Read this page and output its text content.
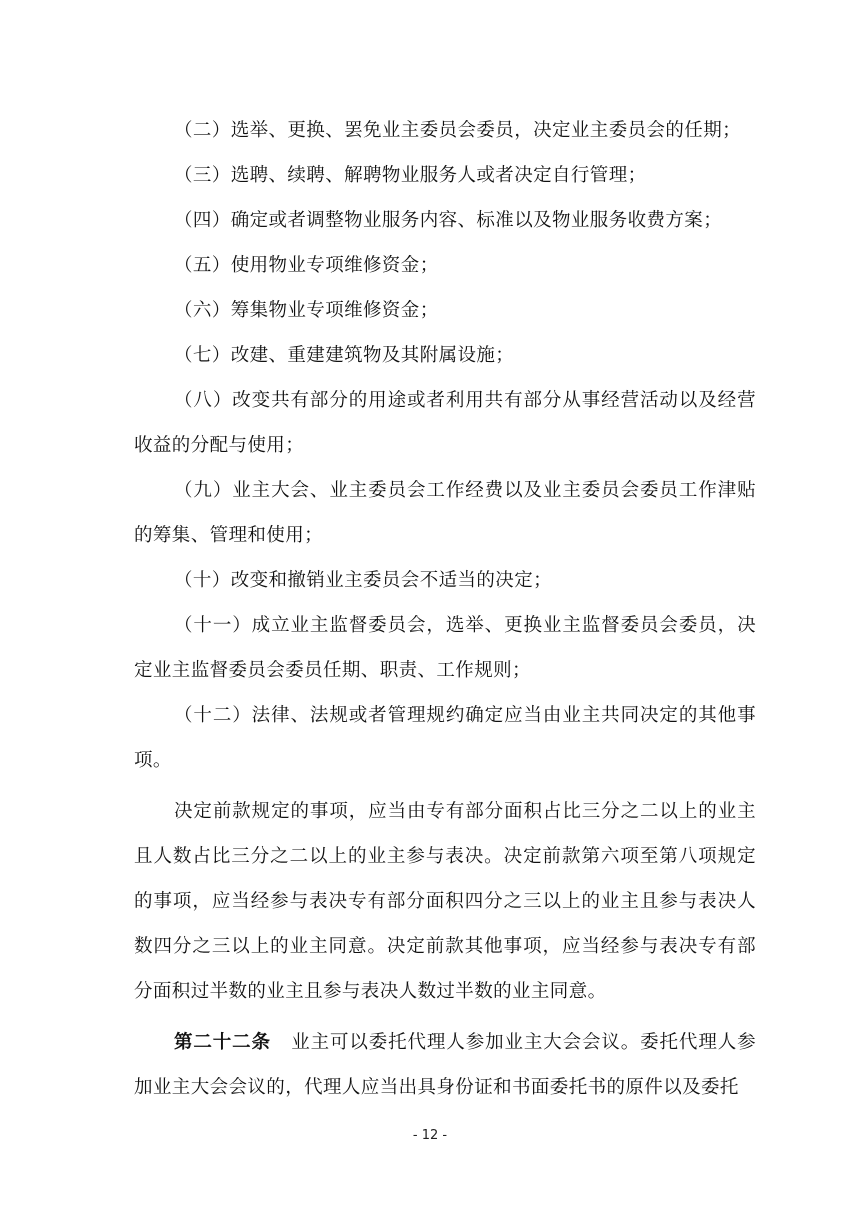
（二）选举、更换、罢免业主委员会委员，决定业主委员会的任期；

（三）选聘、续聘、解聘物业服务人或者决定自行管理；

（四）确定或者调整物业服务内容、标准以及物业服务收费方案；

（五）使用物业专项维修资金；

（六）筹集物业专项维修资金；

（七）改建、重建建筑物及其附属设施；

（八）改变共有部分的用途或者利用共有部分从事经营活动以及经营收益的分配与使用；

（九）业主大会、业主委员会工作经费以及业主委员会委员工作津贴的筹集、管理和使用；

（十）改变和撤销业主委员会不适当的决定；

（十一）成立业主监督委员会，选举、更换业主监督委员会委员，决定业主监督委员会委员任期、职责、工作规则；

（十二）法律、法规或者管理规约确定应当由业主共同决定的其他事项。

决定前款规定的事项，应当由专有部分面积占比三分之二以上的业主且人数占比三分之二以上的业主参与表决。决定前款第六项至第八项规定的事项，应当经参与表决专有部分面积四分之三以上的业主且参与表决人数四分之三以上的业主同意。决定前款其他事项，应当经参与表决专有部分面积过半数的业主且参与表决人数过半数的业主同意。

第二十二条 业主可以委托代理人参加业主大会会议。委托代理人参加业主大会会议的，代理人应当出具身份证和书面委托书的原件以及委托

- 12 -
